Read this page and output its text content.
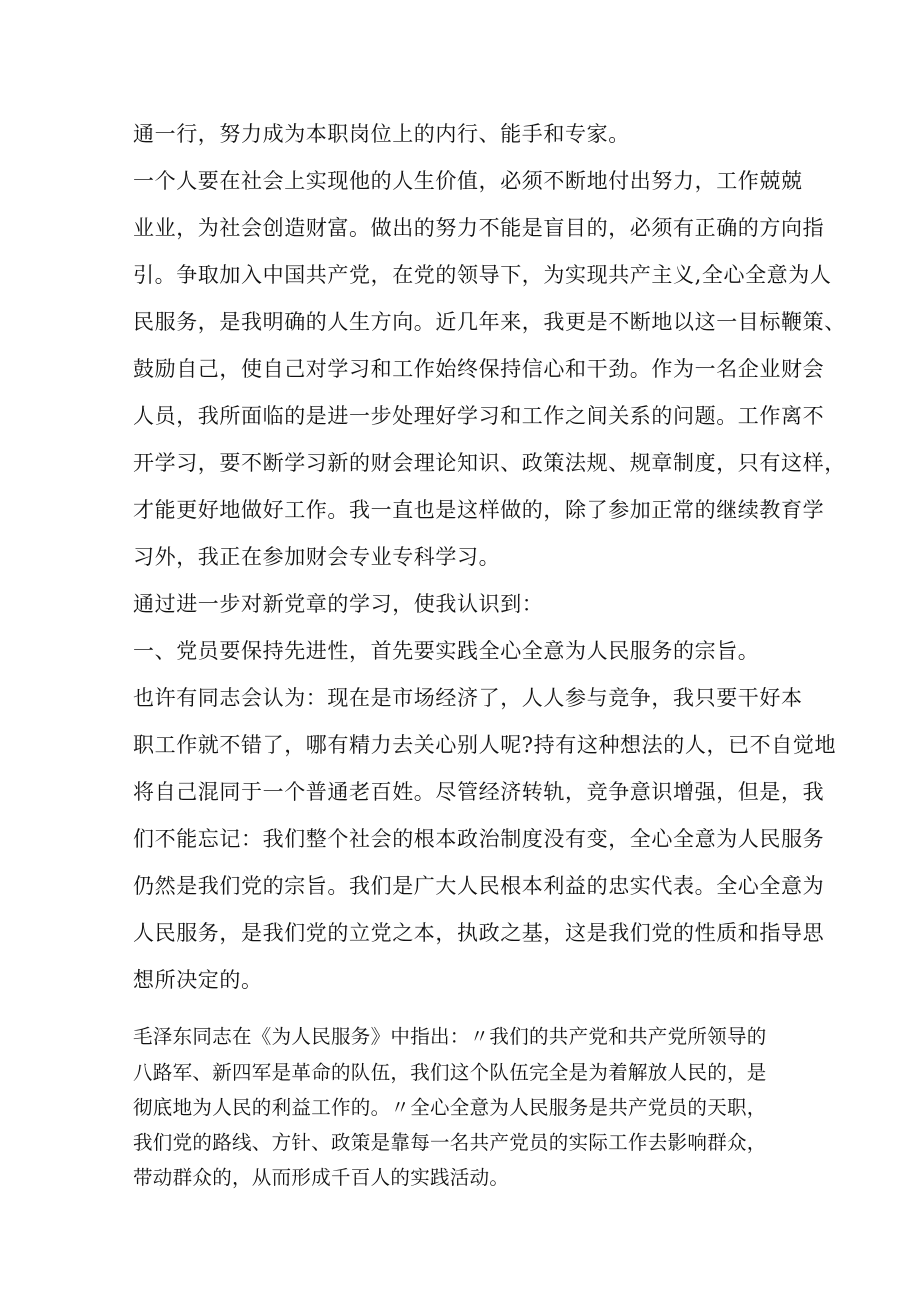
通一行，努力成为本职岗位上的内行、能手和专家。
一个人要在社会上实现他的人生价值，必须不断地付出努力，工作兢兢
业业，为社会创造财富。做出的努力不能是盲目的，必须有正确的方向指
引。争取加入中国共产党，在党的领导下，为实现共产主义,全心全意为人
民服务，是我明确的人生方向。近几年来，我更是不断地以这一目标鞭策、
鼓励自己，使自己对学习和工作始终保持信心和干劲。作为一名企业财会
人员，我所面临的是进一步处理好学习和工作之间关系的问题。工作离不
开学习，要不断学习新的财会理论知识、政策法规、规章制度，只有这样，
才能更好地做好工作。我一直也是这样做的，除了参加正常的继续教育学
习外，我正在参加财会专业专科学习。
通过进一步对新党章的学习，使我认识到：
一、党员要保持先进性，首先要实践全心全意为人民服务的宗旨。
也许有同志会认为：现在是市场经济了，人人参与竞争，我只要干好本
职工作就不错了，哪有精力去关心别人呢?持有这种想法的人，已不自觉地
将自己混同于一个普通老百姓。尽管经济转轨，竞争意识增强，但是，我
们不能忘记：我们整个社会的根本政治制度没有变，全心全意为人民服务
仍然是我们党的宗旨。我们是广大人民根本利益的忠实代表。全心全意为
人民服务，是我们党的立党之本，执政之基，这是我们党的性质和指导思
想所决定的。
毛泽东同志在《为人民服务》中指出：〃我们的共产党和共产党所领导的
八路军、新四军是革命的队伍，我们这个队伍完全是为着解放人民的，是
彻底地为人民的利益工作的。〃全心全意为人民服务是共产党员的天职，
我们党的路线、方针、政策是靠每一名共产党员的实际工作去影响群众，
带动群众的，从而形成千百人的实践活动。
